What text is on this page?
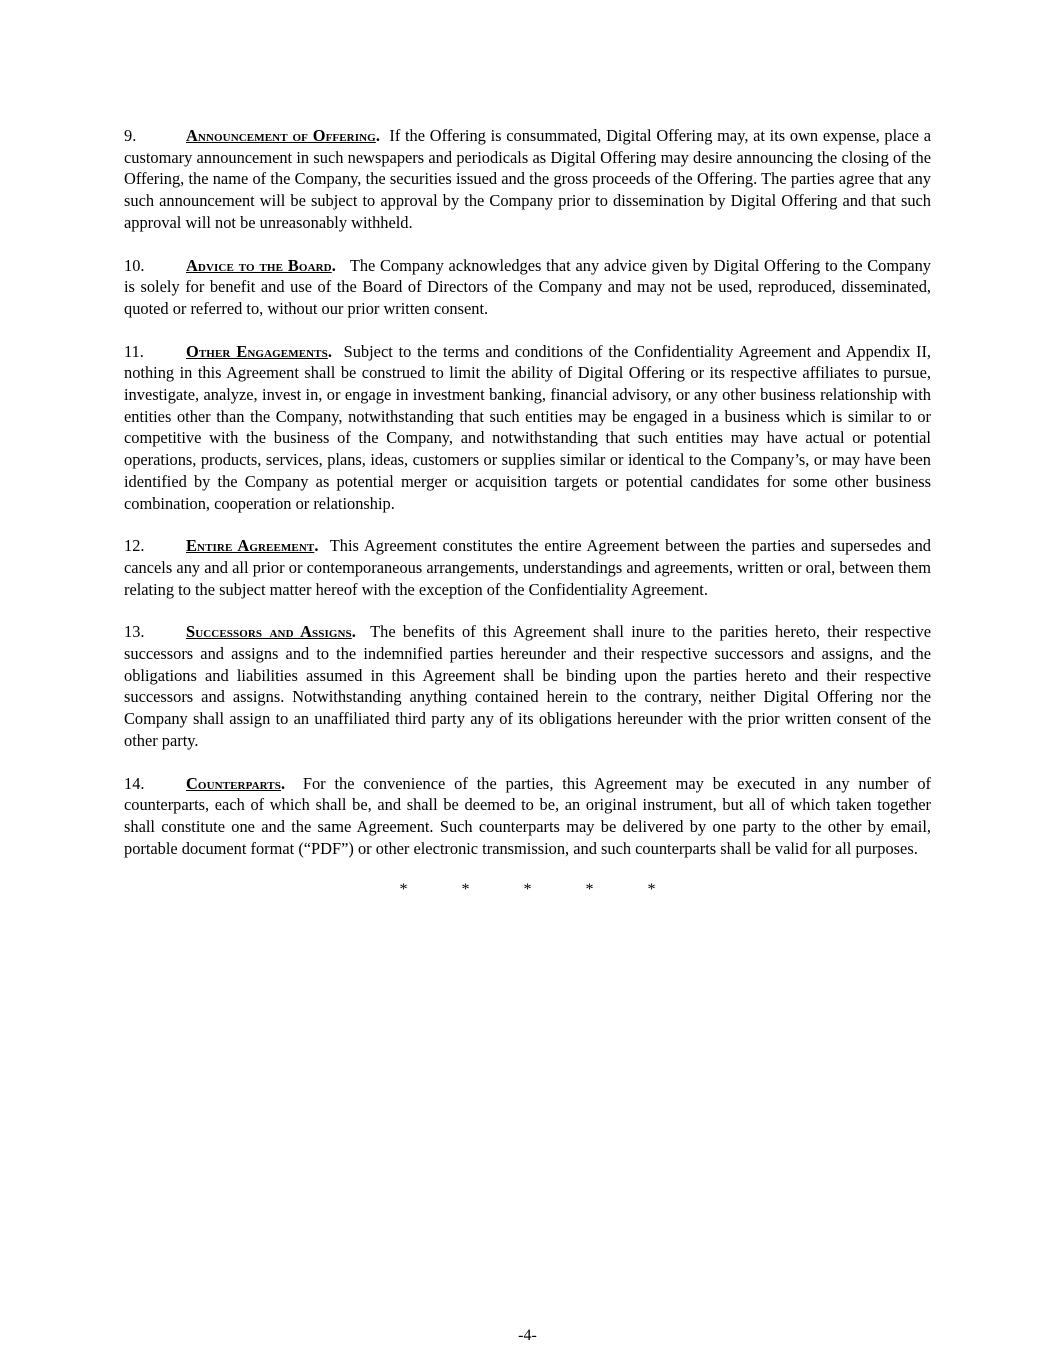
9.	Announcement of Offering. If the Offering is consummated, Digital Offering may, at its own expense, place a customary announcement in such newspapers and periodicals as Digital Offering may desire announcing the closing of the Offering, the name of the Company, the securities issued and the gross proceeds of the Offering. The parties agree that any such announcement will be subject to approval by the Company prior to dissemination by Digital Offering and that such approval will not be unreasonably withheld.

10.	Advice to the Board. The Company acknowledges that any advice given by Digital Offering to the Company is solely for benefit and use of the Board of Directors of the Company and may not be used, reproduced, disseminated, quoted or referred to, without our prior written consent.

11.	Other Engagements. Subject to the terms and conditions of the Confidentiality Agreement and Appendix II, nothing in this Agreement shall be construed to limit the ability of Digital Offering or its respective affiliates to pursue, investigate, analyze, invest in, or engage in investment banking, financial advisory, or any other business relationship with entities other than the Company, notwithstanding that such entities may be engaged in a business which is similar to or competitive with the business of the Company, and notwithstanding that such entities may have actual or potential operations, products, services, plans, ideas, customers or supplies similar or identical to the Company’s, or may have been identified by the Company as potential merger or acquisition targets or potential candidates for some other business combination, cooperation or relationship.

12.	Entire Agreement. This Agreement constitutes the entire Agreement between the parties and supersedes and cancels any and all prior or contemporaneous arrangements, understandings and agreements, written or oral, between them relating to the subject matter hereof with the exception of the Confidentiality Agreement.

13.	Successors and Assigns. The benefits of this Agreement shall inure to the parities hereto, their respective successors and assigns and to the indemnified parties hereunder and their respective successors and assigns, and the obligations and liabilities assumed in this Agreement shall be binding upon the parties hereto and their respective successors and assigns. Notwithstanding anything contained herein to the contrary, neither Digital Offering nor the Company shall assign to an unaffiliated third party any of its obligations hereunder with the prior written consent of the other party.

14.	Counterparts. For the convenience of the parties, this Agreement may be executed in any number of counterparts, each of which shall be, and shall be deemed to be, an original instrument, but all of which taken together shall constitute one and the same Agreement. Such counterparts may be delivered by one party to the other by email, portable document format (“PDF”) or other electronic transmission, and such counterparts shall be valid for all purposes.

*	*	*	*	*
-4-
